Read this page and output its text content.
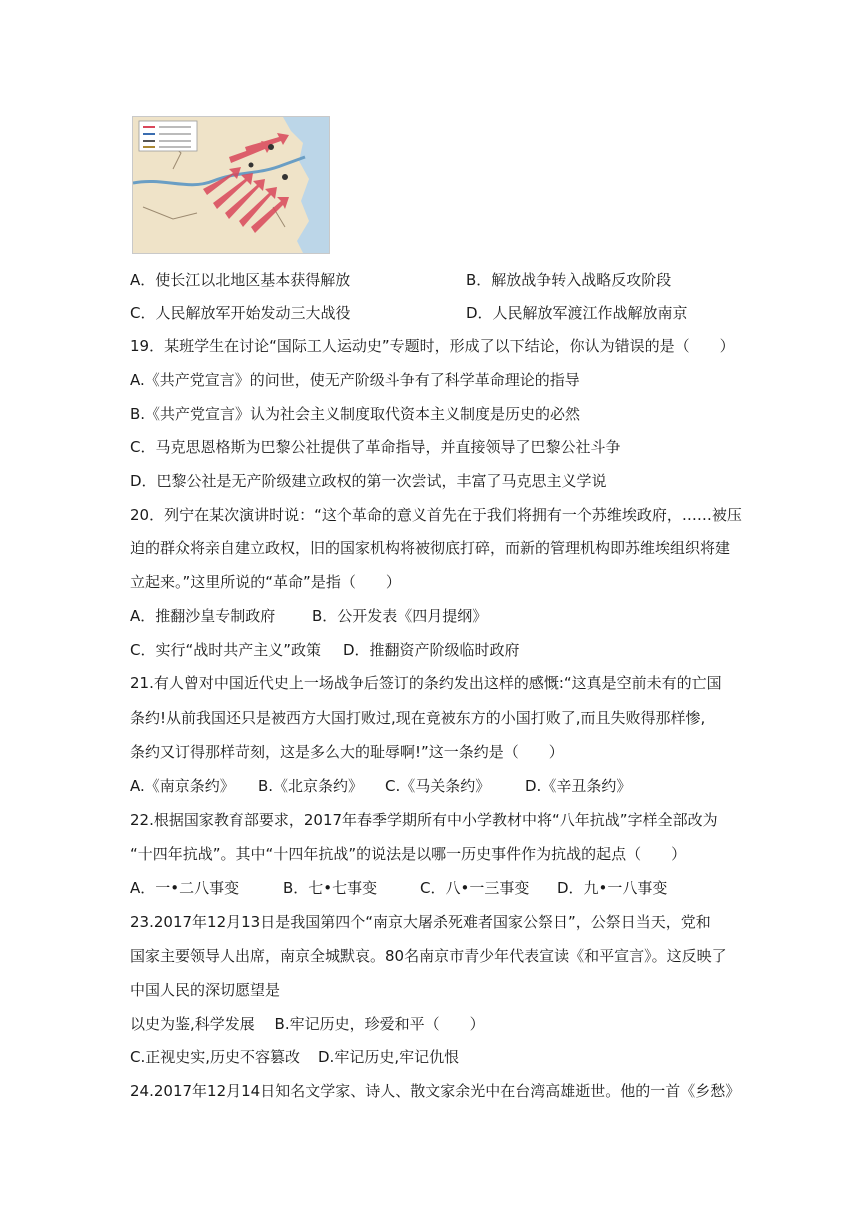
A．使长江以北地区基本获得解放	B．解放战争转入战略反攻阶段
C．人民解放军开始发动三大战役	D．人民解放军渡江作战解放南京
19．某班学生在讨论“国际工人运动史”专题时，形成了以下结论，你认为错误的是（　　）
A.《共产党宣言》的问世，使无产阶级斗争有了科学革命理论的指导
B.《共产党宣言》认为社会主义制度取代资本主义制度是历史的必然
C．马克思恩格斯为巴黎公社提供了革命指导，并直接领导了巴黎公社斗争
D．巴黎公社是无产阶级建立政权的第一次尝试，丰富了马克思主义学说
20．列宁在某次演讲时说：“这个革命的意义首先在于我们将拥有一个苏维埃政府，……被压
迫的群众将亲自建立政权，旧的国家机构将被彻底打碎，而新的管理机构即苏维埃组织将建
立起来。”这里所说的“革命”是指（　　）
A．推翻沙皇专制政府 B．公开发表《四月提纲》
C．实行“战时共产主义”政策 D．推翻资产阶级临时政府
21.有人曾对中国近代史上一场战争后签订的条约发出这样的感慨:“这真是空前未有的亡国
条约!从前我国还只是被西方大国打败过,现在竟被东方的小国打败了,而且失败得那样惨,
条约又订得那样苛刻，这是多么大的耻辱啊!”这一条约是（　　）
A.《南京条约》 B.《北京条约》 C.《马关条约》 D.《辛丑条约》
22.根据国家教育部要求，2017年春季学期所有中小学教材中将“八年抗战”字样全部改为
“十四年抗战”。其中“十四年抗战”的说法是以哪一历史事件作为抗战的起点（　　）
A．一•二八事变	B．七•七事变	C．八•一三事变 D．九•一八事变
23.2017年12月13日是我国第四个“南京大屠杀死难者国家公祭日”，公祭日当天，党和
国家主要领导人出席，南京全城默哀。80名南京市青少年代表宣读《和平宣言》。这反映了
中国人民的深切愿望是
以史为鉴,科学发展　 B.牢记历史，珍爱和平（　　）
C.正视史实,历史不容篡改 D.牢记历史,牢记仇恨
24.2017年12月14日知名文学家、诗人、散文家余光中在台湾高雄逝世。他的一首《乡愁》
